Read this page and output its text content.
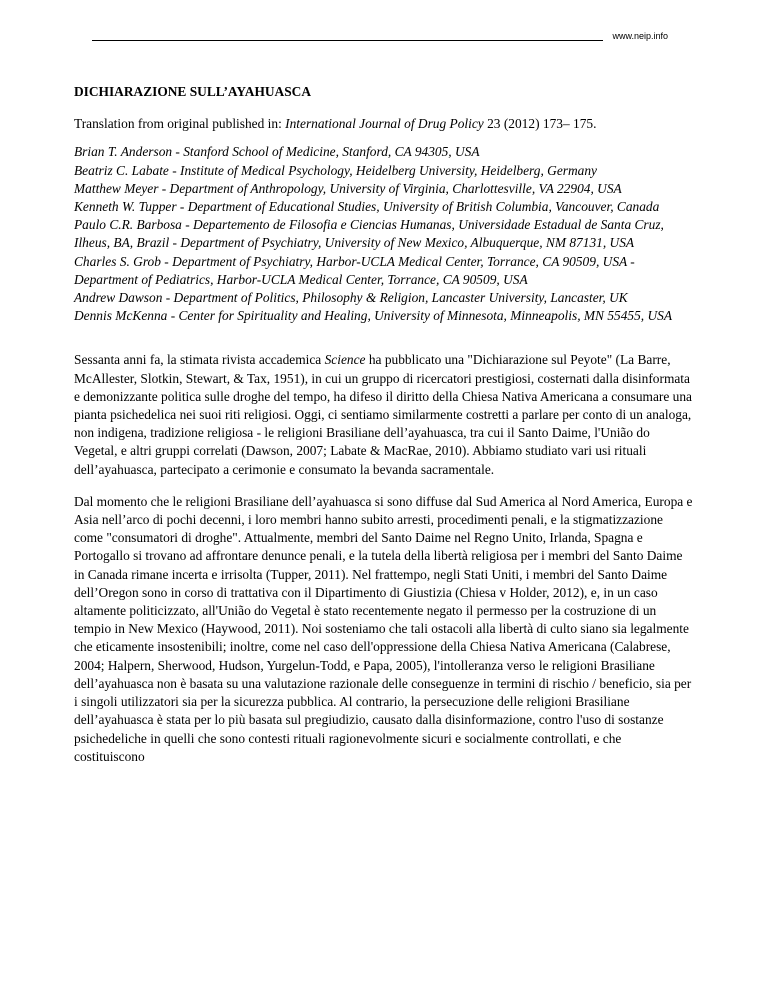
www.neip.info
DICHIARAZIONE SULL’AYAHUASCA
Translation from original published in: International Journal of Drug Policy 23 (2012) 173– 175.
Brian T. Anderson - Stanford School of Medicine, Stanford, CA 94305, USA
Beatriz C. Labate - Institute of Medical Psychology, Heidelberg University, Heidelberg, Germany
Matthew Meyer - Department of Anthropology, University of Virginia, Charlottesville, VA 22904, USA
Kenneth W. Tupper - Department of Educational Studies, University of British Columbia, Vancouver, Canada
Paulo C.R. Barbosa - Departemento de Filosofia e Ciencias Humanas, Universidade Estadual de Santa Cruz, Ilheus, BA, Brazil - Department of Psychiatry, University of New Mexico, Albuquerque, NM 87131, USA
Charles S. Grob - Department of Psychiatry, Harbor-UCLA Medical Center, Torrance, CA 90509, USA - Department of Pediatrics, Harbor-UCLA Medical Center, Torrance, CA 90509, USA
Andrew Dawson - Department of Politics, Philosophy & Religion, Lancaster University, Lancaster, UK
Dennis McKenna - Center for Spirituality and Healing, University of Minnesota, Minneapolis, MN 55455, USA

Sessanta anni fa, la stimata rivista accademica Science ha pubblicato una "Dichiarazione sul Peyote" (La Barre, McAllester, Slotkin, Stewart, & Tax, 1951), in cui un gruppo di ricercatori prestigiosi, costernati dalla disinformata e demonizzante politica sulle droghe del tempo, ha difeso il diritto della Chiesa Nativa Americana a consumare una pianta psichedelica nei suoi riti religiosi. Oggi, ci sentiamo similarmente costretti a parlare per conto di un analoga, non indigena, tradizione religiosa - le religioni Brasiliane dell’ayahuasca, tra cui il Santo Daime, l'União do Vegetal, e altri gruppi correlati (Dawson, 2007; Labate & MacRae, 2010). Abbiamo studiato vari usi rituali dell’ayahuasca, partecipato a cerimonie e consumato la bevanda sacramentale.

Dal momento che le religioni Brasiliane dell’ayahuasca si sono diffuse dal Sud America al Nord America, Europa e Asia nell’arco di pochi decenni, i loro membri hanno subito arresti, procedimenti penali, e la stigmatizzazione come "consumatori di droghe". Attualmente, membri del Santo Daime nel Regno Unito, Irlanda, Spagna e Portogallo si trovano ad affrontare denunce penali, e la tutela della libertà religiosa per i membri del Santo Daime in Canada rimane incerta e irrisolta (Tupper, 2011). Nel frattempo, negli Stati Uniti, i membri del Santo Daime dell’Oregon sono in corso di trattativa con il Dipartimento di Giustizia (Chiesa v Holder, 2012), e, in un caso altamente politicizzato, all'União do Vegetal è stato recentemente negato il permesso per la costruzione di un tempio in New Mexico (Haywood, 2011). Noi sosteniamo che tali ostacoli alla libertà di culto siano sia legalmente che eticamente insostenibili; inoltre, come nel caso dell'oppressione della Chiesa Nativa Americana (Calabrese, 2004; Halpern, Sherwood, Hudson, Yurgelun-Todd, e Papa, 2005), l'intolleranza verso le religioni Brasiliane dell’ayahuasca non è basata su una valutazione razionale delle conseguenze in termini di rischio / beneficio, sia per i singoli utilizzatori sia per la sicurezza pubblica. Al contrario, la persecuzione delle religioni Brasiliane dell’ayahuasca è stata per lo più basata sul pregiudizio, causato dalla disinformazione, contro l'uso di sostanze psichedeliche in quelli che sono contesti rituali ragionevolmente sicuri e socialmente controllati, e che costituiscono
